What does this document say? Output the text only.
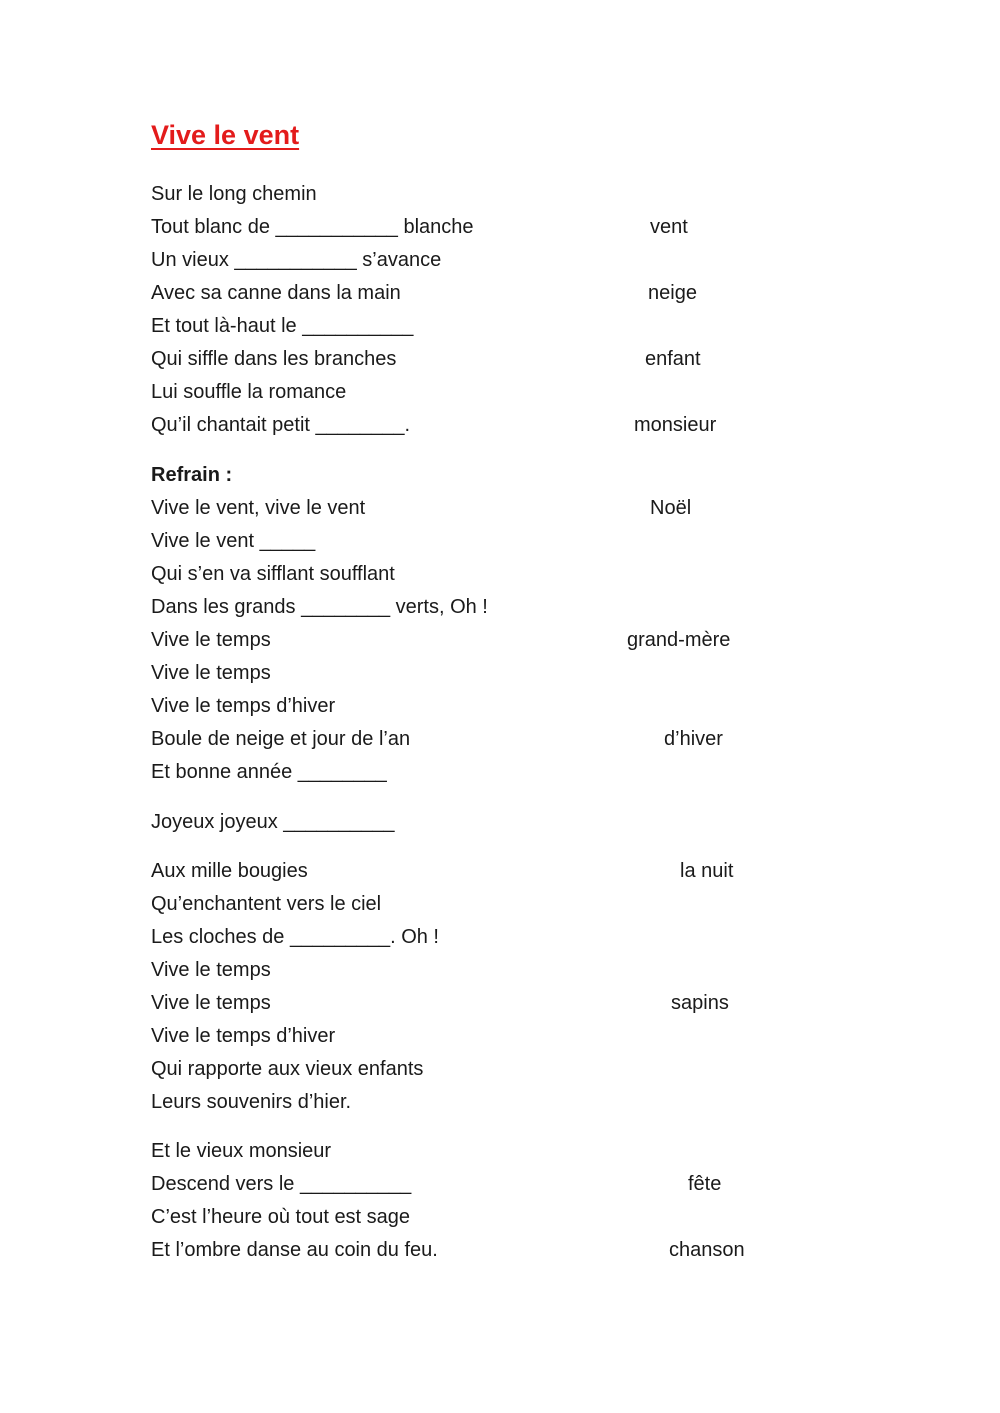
Vive le vent
Sur le long chemin
Tout blanc de ___________ blanche
Un vieux ___________ s’avance
Avec sa canne dans la main
Et tout là-haut le __________
Qui siffle dans les branches
Lui souffle la romance
Qu’il chantait petit ________.
Refrain :
Vive le vent, vive le vent
Vive le vent _____
Qui s’en va sifflant soufflant
Dans les grands ________ verts, Oh !
Vive le temps
Vive le temps
Vive le temps d’hiver
Boule de neige et jour de l’an
Et bonne année ________
Joyeux joyeux __________
Aux mille bougies
Qu’enchantent vers le ciel
Les cloches de _________. Oh !
Vive le temps
Vive le temps
Vive le temps d’hiver
Qui rapporte aux vieux enfants
Leurs souvenirs d’hier.
Et le vieux monsieur
Descend vers le __________
C’est l’heure où tout est sage
Et l’ombre danse au coin du feu.
vent
neige
enfant
monsieur
Noël
grand-mère
d’hiver
la nuit
sapins
fête
chanson
